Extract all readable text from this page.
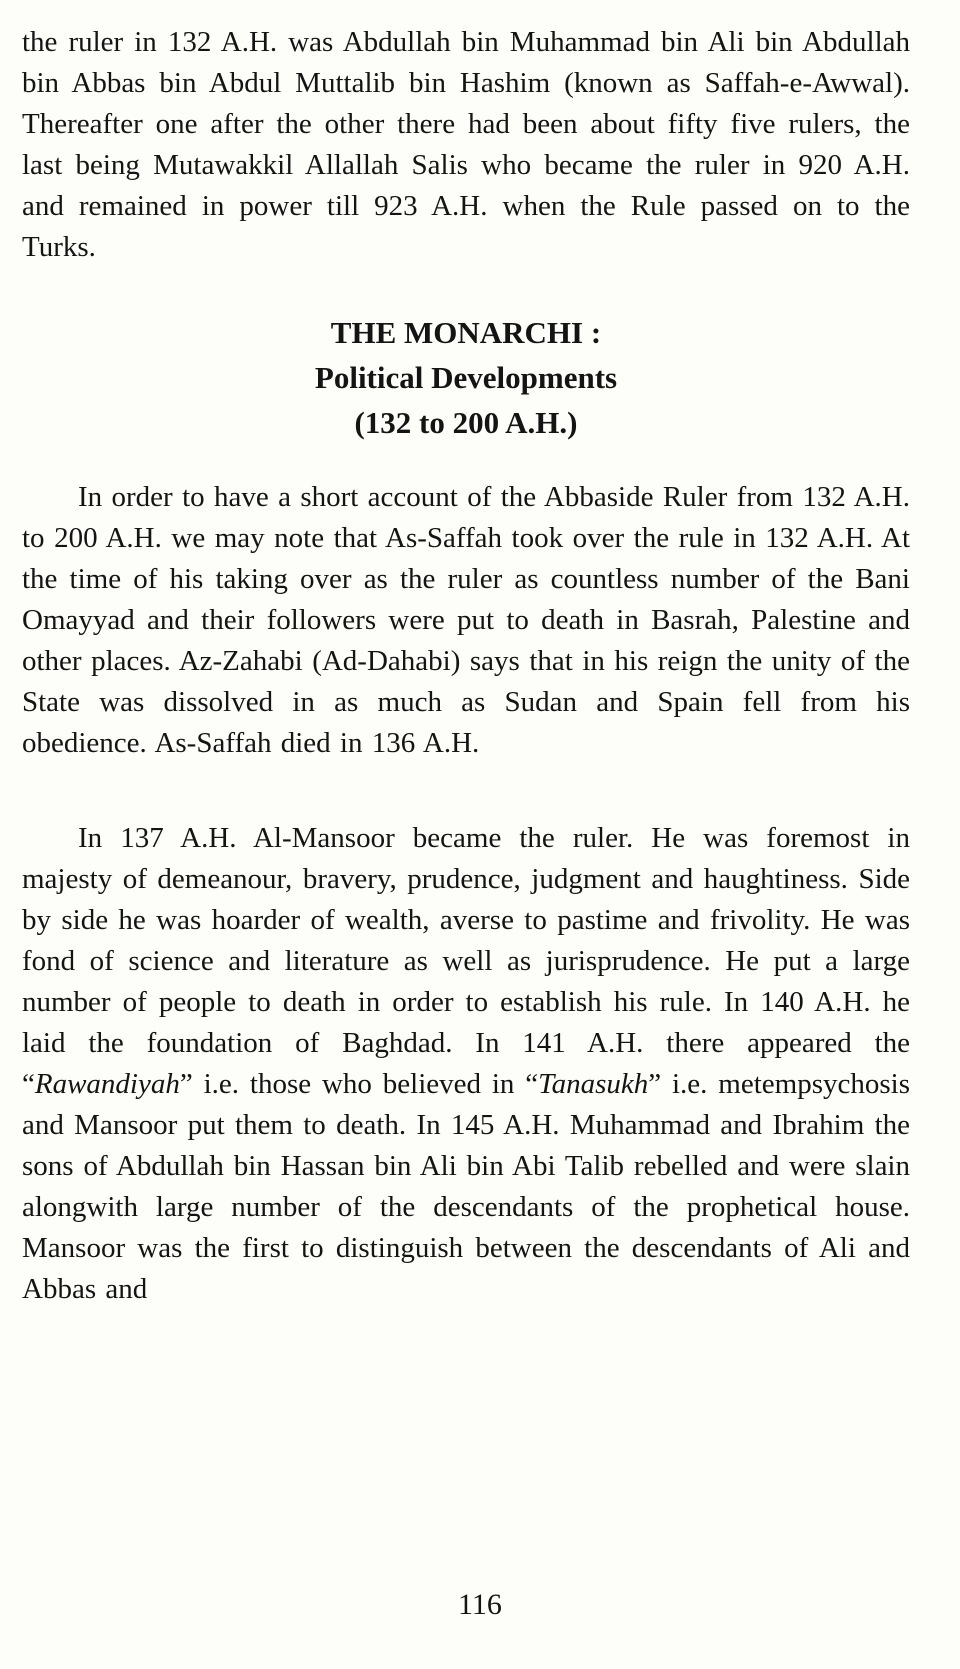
the ruler in 132 A.H. was Abdullah bin Muhammad bin Ali bin Abdullah bin Abbas bin Abdul Muttalib bin Hashim (known as Saffah-e-Awwal). Thereafter one after the other there had been about fifty five rulers, the last being Mutawakkil Allallah Salis who became the ruler in 920 A.H. and remained in power till 923 A.H. when the Rule passed on to the Turks.

THE MONARCHI :
Political Developments
(132 to 200 A.H.)

In order to have a short account of the Abbaside Ruler from 132 A.H. to 200 A.H. we may note that As-Saffah took over the rule in 132 A.H. At the time of his taking over as the ruler as countless number of the Bani Omayyad and their followers were put to death in Basrah, Palestine and other places. Az-Zahabi (Ad-Dahabi) says that in his reign the unity of the State was dissolved in as much as Sudan and Spain fell from his obedience. As-Saffah died in 136 A.H.

In 137 A.H. Al-Mansoor became the ruler. He was foremost in majesty of demeanour, bravery, prudence, judgment and haughtiness. Side by side he was hoarder of wealth, averse to pastime and frivolity. He was fond of science and literature as well as jurisprudence. He put a large number of people to death in order to establish his rule. In 140 A.H. he laid the foundation of Baghdad. In 141 A.H. there appeared the “Rawandiyah” i.e. those who believed in “Tanasukh” i.e. metempsychosis and Mansoor put them to death. In 145 A.H. Muhammad and Ibrahim the sons of Abdullah bin Hassan bin Ali bin Abi Talib rebelled and were slain alongwith large number of the descendants of the prophetical house. Mansoor was the first to distinguish between the descendants of Ali and Abbas and

116
